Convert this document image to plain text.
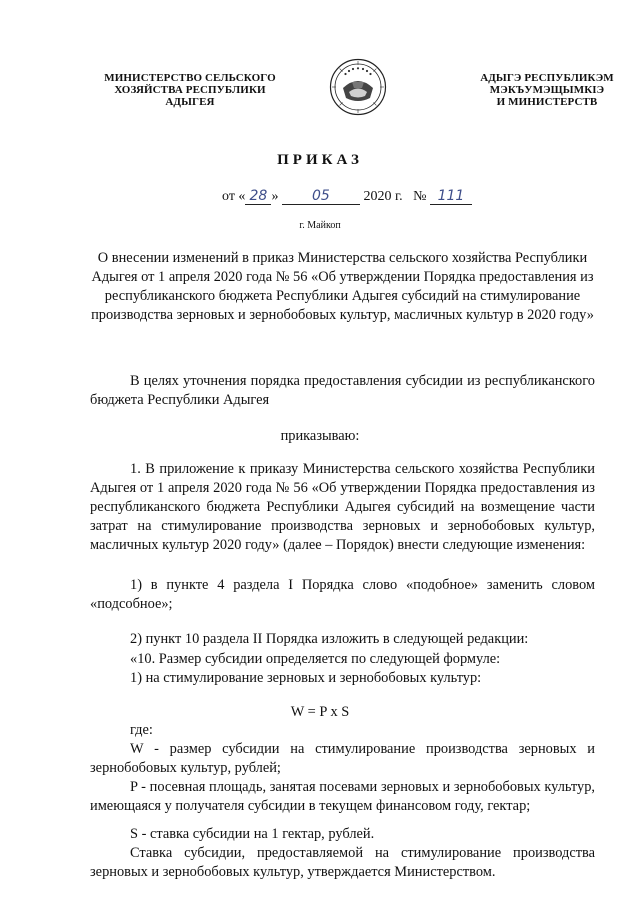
МИНИСТЕРСТВО СЕЛЬСКОГО
ХОЗЯЙСТВА РЕСПУБЛИКИ
АДЫГЕЯ
АДЫГЭ РЕСПУБЛИКЭМ
МЭКЪУМЭЩЫМКIЭ
И МИНИСТЕРСТВ
ПРИКАЗ
от « 28 » 05 2020 г. № 111
г. Майкоп
О внесении изменений в приказ Министерства сельского хозяйства Республики Адыгея от 1 апреля 2020 года № 56 «Об утверждении Порядка предоставления из республиканского бюджета Республики Адыгея субсидий на стимулирование производства зерновых и зернобобовых культур, масличных культур в 2020 году»
В целях уточнения порядка предоставления субсидии из республиканского бюджета Республики Адыгея
приказываю:
1. В приложение к приказу Министерства сельского хозяйства Республики Адыгея от 1 апреля 2020 года № 56 «Об утверждении Порядка предоставления из республиканского бюджета Республики Адыгея субсидий на возмещение части затрат на стимулирование производства зерновых и зернобобовых культур, масличных культур 2020 году» (далее – Порядок) внести следующие изменения:
1) в пункте 4 раздела I Порядка слово «подобное» заменить словом «подсобное»;
2) пункт 10 раздела II Порядка изложить в следующей редакции:
«10. Размер субсидии определяется по следующей формуле:
1) на стимулирование зерновых и зернобобовых культур:
W = P x S
где:
W - размер субсидии на стимулирование производства зерновых и зернобобовых культур, рублей;
P - посевная площадь, занятая посевами зерновых и зернобобовых культур, имеющаяся у получателя субсидии в текущем финансовом году, гектар;
S - ставка субсидии на 1 гектар, рублей.
Ставка субсидии, предоставляемой на стимулирование производства зерновых и зернобобовых культур, утверждается Министерством.
